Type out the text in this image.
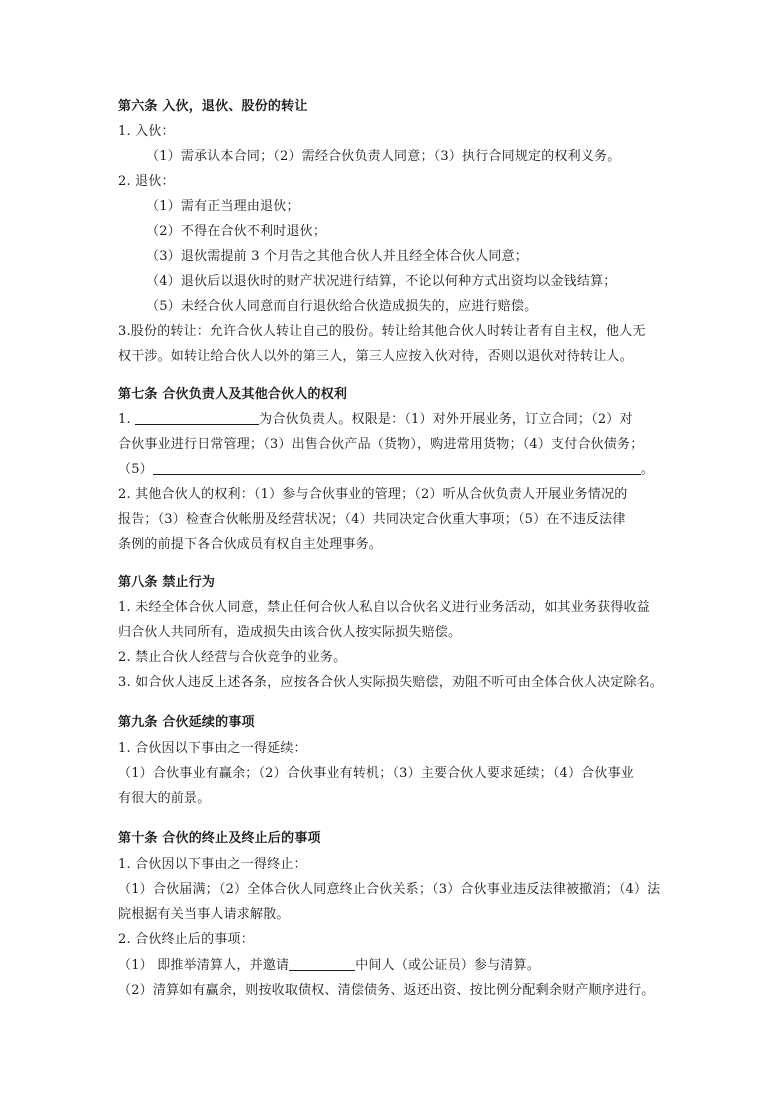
第六条 入伙，退伙、股份的转让
1. 入伙：
（1）需承认本合同；（2）需经合伙负责人同意；（3）执行合同规定的权利义务。
2. 退伙：
（1）需有正当理由退伙；
（2）不得在合伙不利时退伙；
（3）退伙需提前 3 个月告之其他合伙人并且经全体合伙人同意；
（4）退伙后以退伙时的财产状况进行结算，不论以何种方式出资均以金钱结算；
（5）未经合伙人同意而自行退伙给合伙造成损失的，应进行赔偿。
3.股份的转让：允许合伙人转让自己的股份。转让给其他合伙人时转让者有自主权，他人无
权干涉。如转让给合伙人以外的第三人，第三人应按入伙对待，否则以退伙对待转让人。
第七条 合伙负责人及其他合伙人的权利
1.	为合伙负责人。权限是：（1）对外开展业务，订立合同；（2）对
合伙事业进行日常管理；（3）出售合伙产品（货物），购进常用货物；（4）支付合伙债务；
（5）	。
2. 其他合伙人的权利：（1）参与合伙事业的管理；（2）听从合伙负责人开展业务情况的
报告；（3）检查合伙帐册及经营状况；（4）共同决定合伙重大事项；（5）在不违反法律
条例的前提下各合伙成员有权自主处理事务。
第八条 禁止行为
1. 未经全体合伙人同意，禁止任何合伙人私自以合伙名义进行业务活动，如其业务获得收益
归合伙人共同所有，造成损失由该合伙人按实际损失赔偿。
2. 禁止合伙人经营与合伙竞争的业务。
3. 如合伙人违反上述各条，应按各合伙人实际损失赔偿，劝阻不听可由全体合伙人决定除名。
第九条 合伙延续的事项
1. 合伙因以下事由之一得延续：
（1）合伙事业有赢余；（2）合伙事业有转机；（3）主要合伙人要求延续；（4）合伙事业
有很大的前景。
第十条 合伙的终止及终止后的事项
1. 合伙因以下事由之一得终止：
（1）合伙届满；（2）全体合伙人同意终止合伙关系；（3）合伙事业违反法律被撤消；（4）法
院根据有关当事人请求解散。
2. 合伙终止后的事项：
（1） 即推举清算人，并邀请	中间人（或公证员）参与清算。
（2）清算如有赢余，则按收取债权、清偿债务、返还出资、按比例分配剩余财产顺序进行。
